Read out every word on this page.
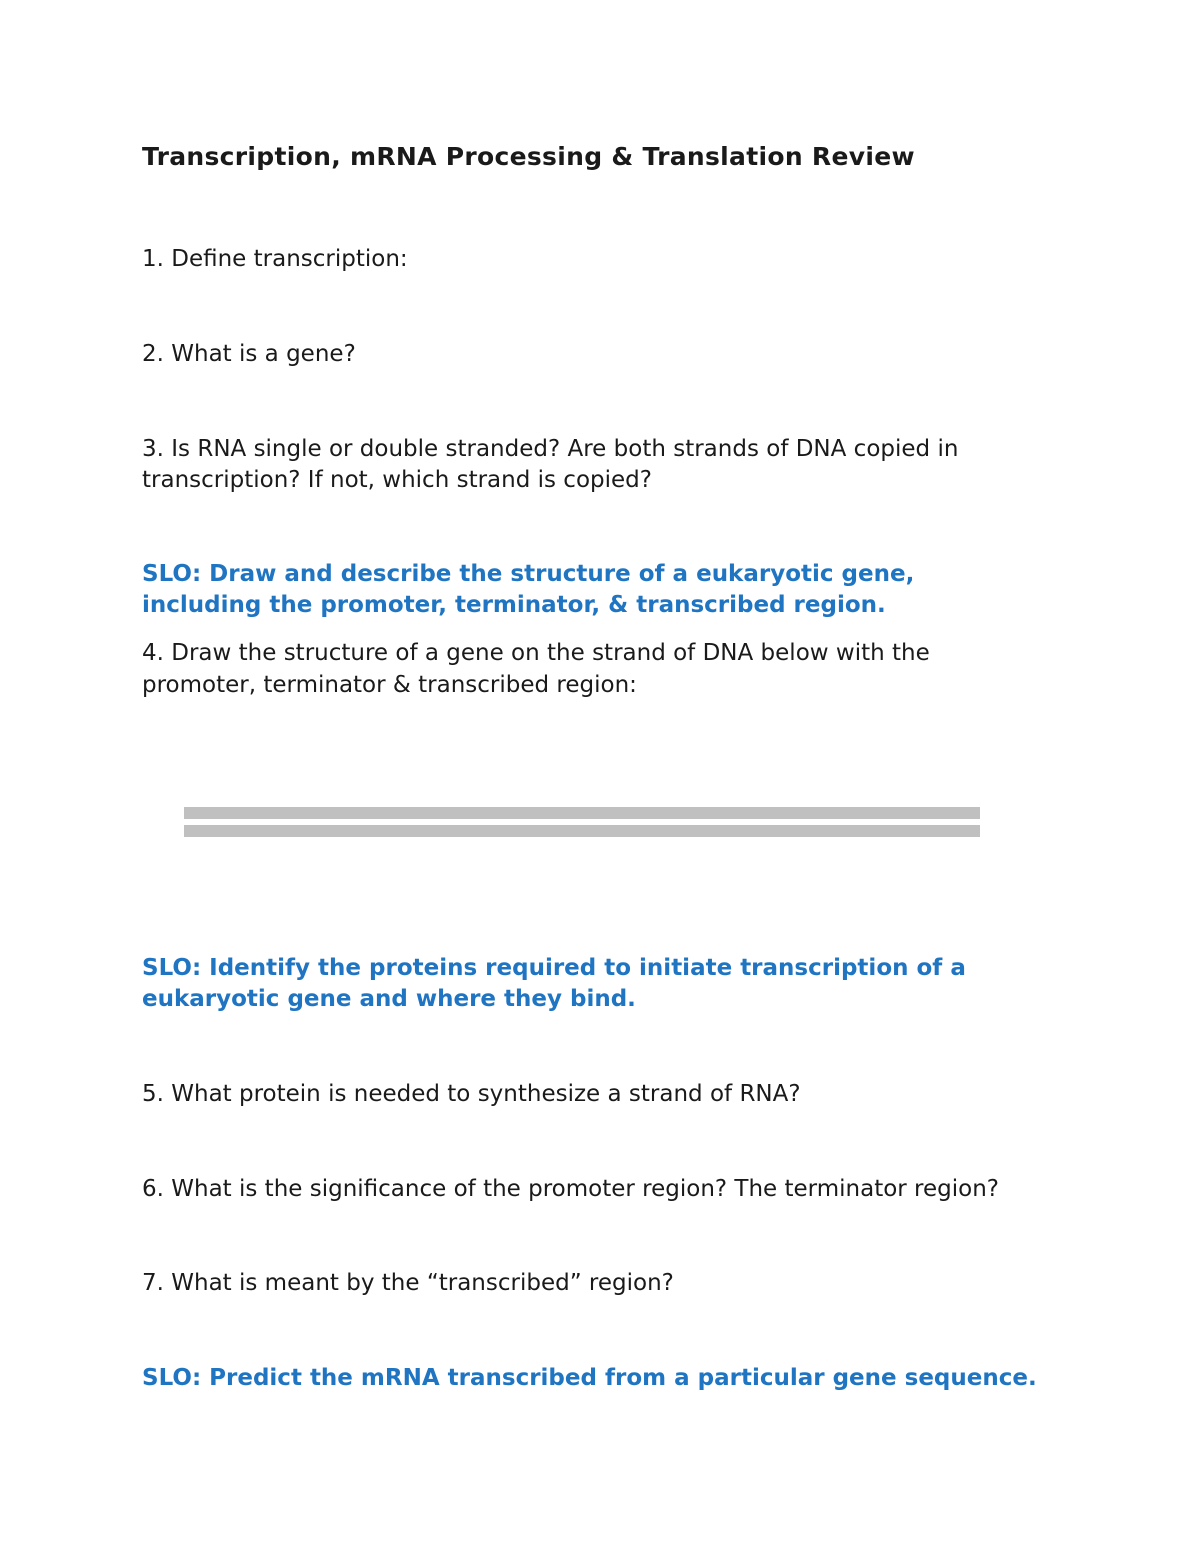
Transcription, mRNA Processing & Translation Review

1. Define transcription:

2. What is a gene?

3. Is RNA single or double stranded? Are both strands of DNA copied in

transcription? If not, which strand is copied?

SLO: Draw and describe the structure of a eukaryotic gene,

including the promoter, terminator, & transcribed region.

4. Draw the structure of a gene on the strand of DNA below with the

promoter, terminator & transcribed region:

SLO: Identify the proteins required to initiate transcription of a

eukaryotic gene and where they bind.

5. What protein is needed to synthesize a strand of RNA?

6. What is the significance of the promoter region? The terminator region?

7. What is meant by the “transcribed” region?

SLO: Predict the mRNA transcribed from a particular gene sequence.
